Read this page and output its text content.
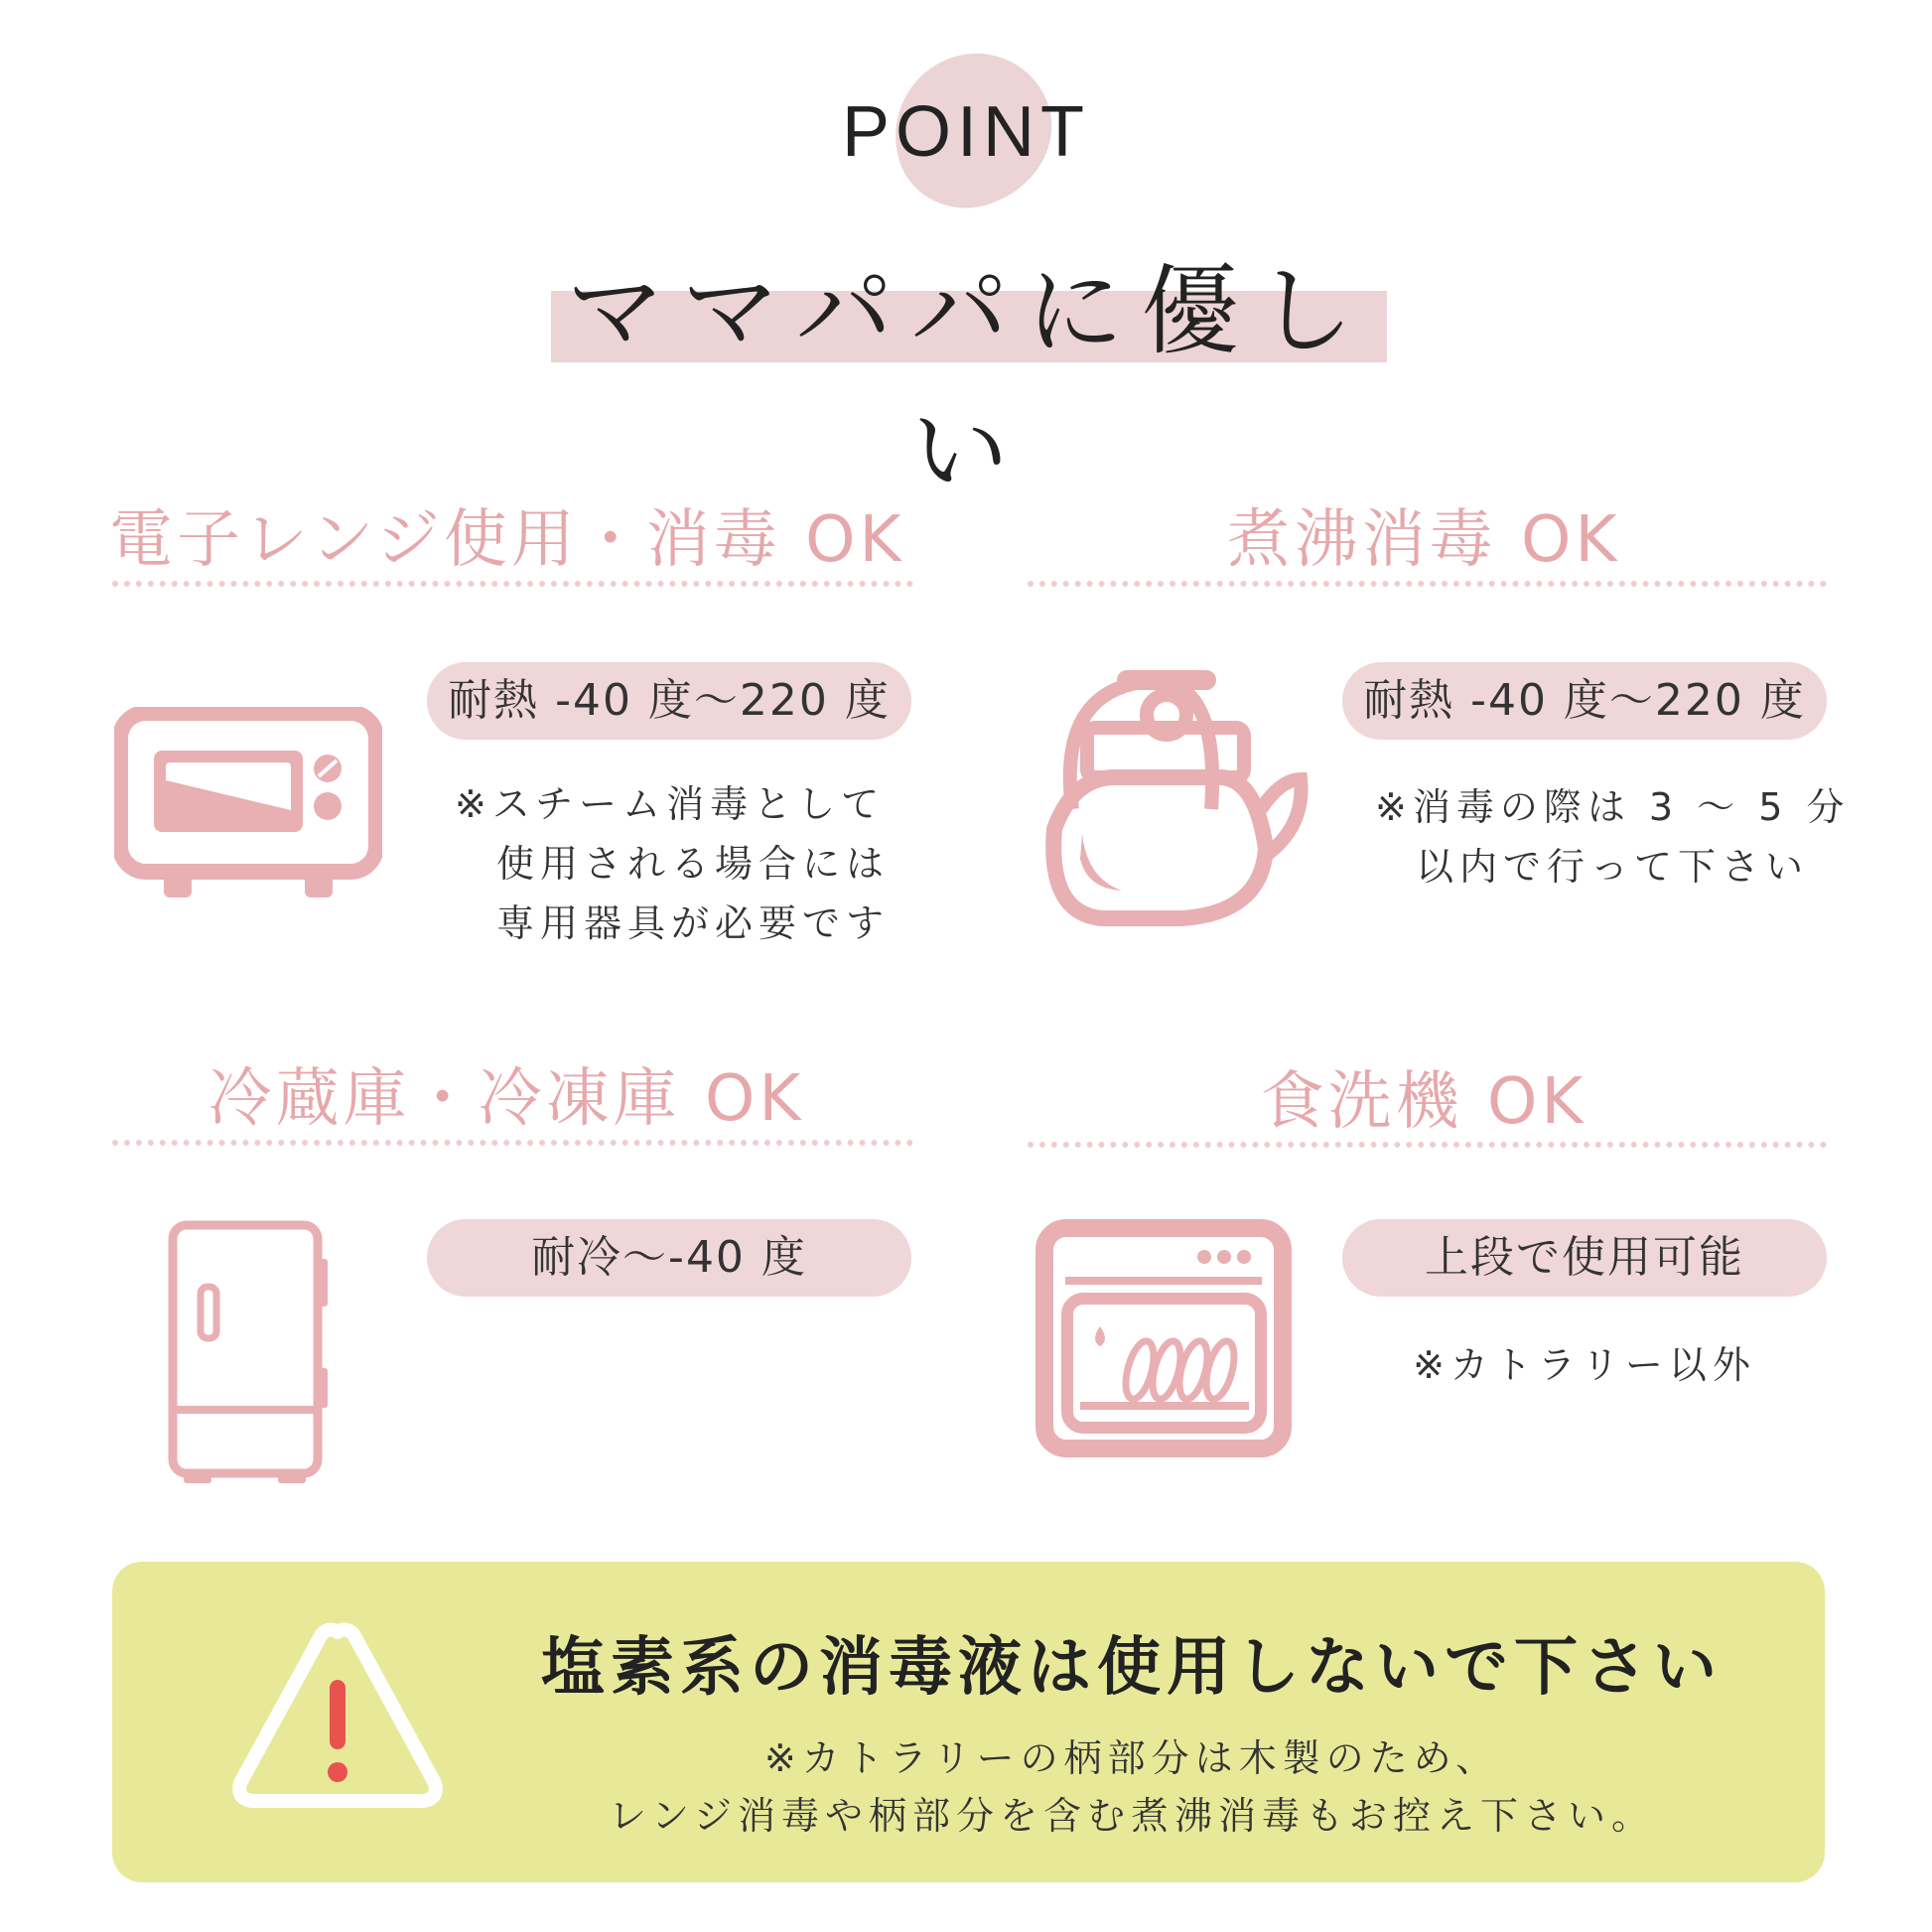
POINT
ママパパに優しい
電子レンジ使用・消毒 OK
耐熱 -40 度〜220 度
※スチーム消毒として
使用される場合には
専用器具が必要です
煮沸消毒 OK
耐熱 -40 度〜220 度
※消毒の際は 3 〜 5 分
以内で行って下さい
冷蔵庫・冷凍庫 OK
耐冷〜-40 度
食洗機 OK
上段で使用可能
※カトラリー以外
塩素系の消毒液は使用しないで下さい
※カトラリーの柄部分は木製のため、
レンジ消毒や柄部分を含む煮沸消毒もお控え下さい。
